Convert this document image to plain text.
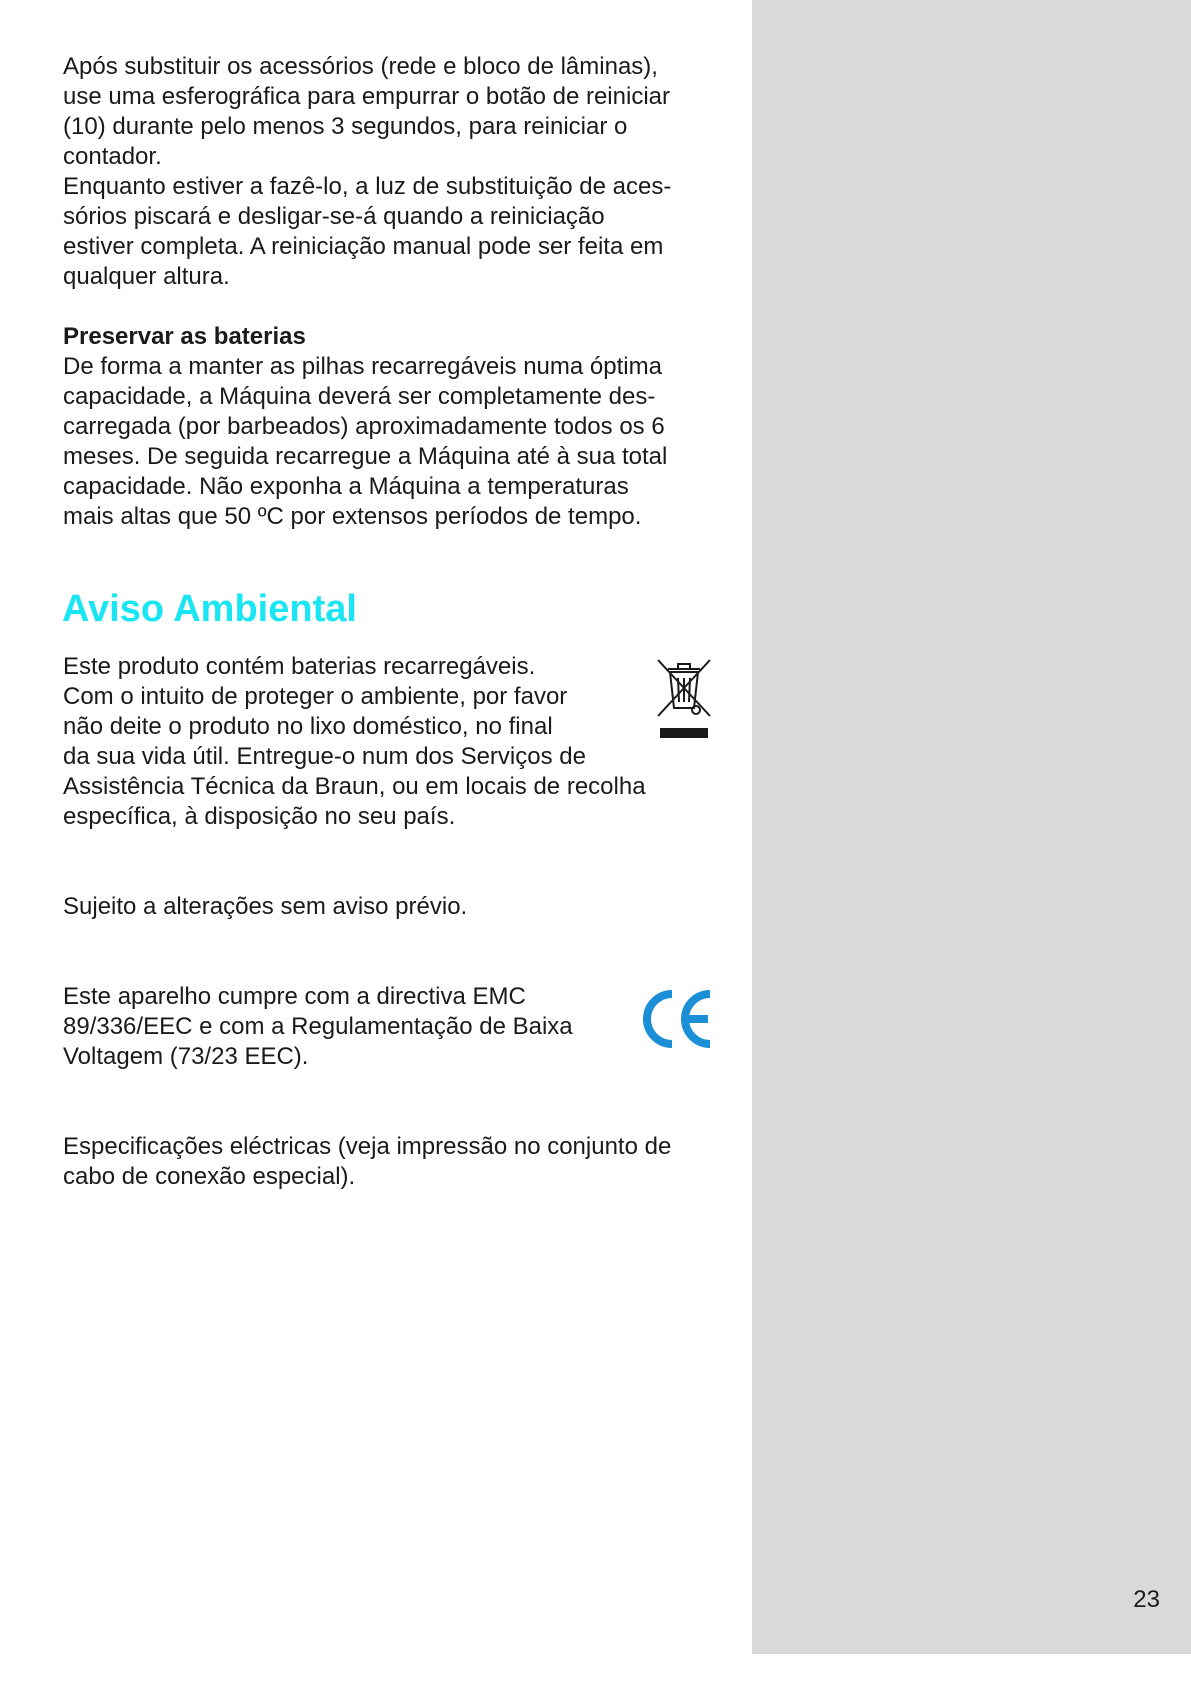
Após substituir os acessórios (rede e bloco de lâminas),
use uma esferográfica para empurrar o botão de reiniciar
(10) durante pelo menos 3 segundos, para reiniciar o
contador.

Enquanto estiver a fazê-lo, a luz de substituição de aces-
sórios piscará e desligar-se-á quando a reiniciação
estiver completa. A reiniciação manual pode ser feita em
qualquer altura.

Preservar as baterias

De forma a manter as pilhas recarregáveis numa óptima
capacidade, a Máquina deverá ser completamente des-
carregada (por barbeados) aproximadamente todos os 6
meses. De seguida recarregue a Máquina até à sua total
capacidade. Não exponha a Máquina a temperaturas
mais altas que 50 ºC por extensos períodos de tempo.

Aviso Ambiental

Este produto contém baterias recarregáveis.
Com o intuito de proteger o ambiente, por favor
não deite o produto no lixo doméstico, no final
da sua vida útil. Entregue-o num dos Serviços de
Assistência Técnica da Braun, ou em locais de recolha
específica, à disposição no seu país.

Sujeito a alterações sem aviso prévio.

Este aparelho cumpre com a directiva EMC
89/336/EEC e com a Regulamentação de Baixa
Voltagem (73/23 EEC).

Especificações eléctricas (veja impressão no conjunto de
cabo de conexão especial).

23
